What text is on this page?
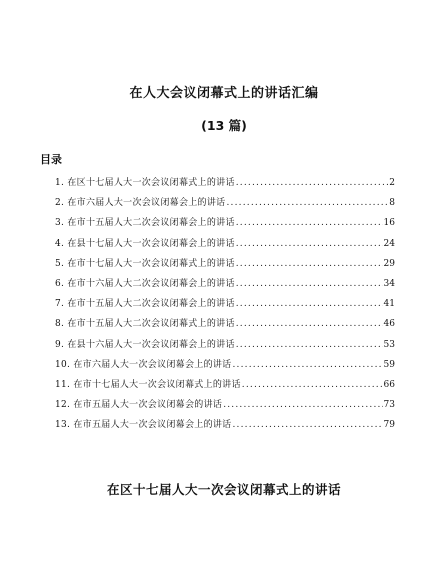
在人大会议闭幕式上的讲话汇编
(13 篇)
目录
1. 在区十七届人大一次会议闭幕式上的讲话 .....	2
2. 在市六届人大一次会议闭幕会上的讲话 .....	8
3. 在市十五届人大二次会议闭幕会上的讲话 .....	16
4. 在县十七届人大一次会议闭幕会上的讲话 .....	24
5. 在市十七届人大一次会议闭幕式上的讲话 .....	29
6. 在市十六届人大二次会议闭幕会上的讲话 .....	34
7. 在市十五届人大二次会议闭幕会上的讲话 .....	41
8. 在市十五届人大二次会议闭幕式上的讲话 .....	46
9. 在县十六届人大一次会议闭幕会上的讲话 .....	53
10. 在市六届人大一次会议闭幕会上的讲话 .....	59
11. 在市十七届人大一次会议闭幕式上的讲话 .....	66
12. 在市五届人大一次会议闭幕会的讲话 .....	73
13. 在市五届人大一次会议闭幕会上的讲话 .....	79
在区十七届人大一次会议闭幕式上的讲话
